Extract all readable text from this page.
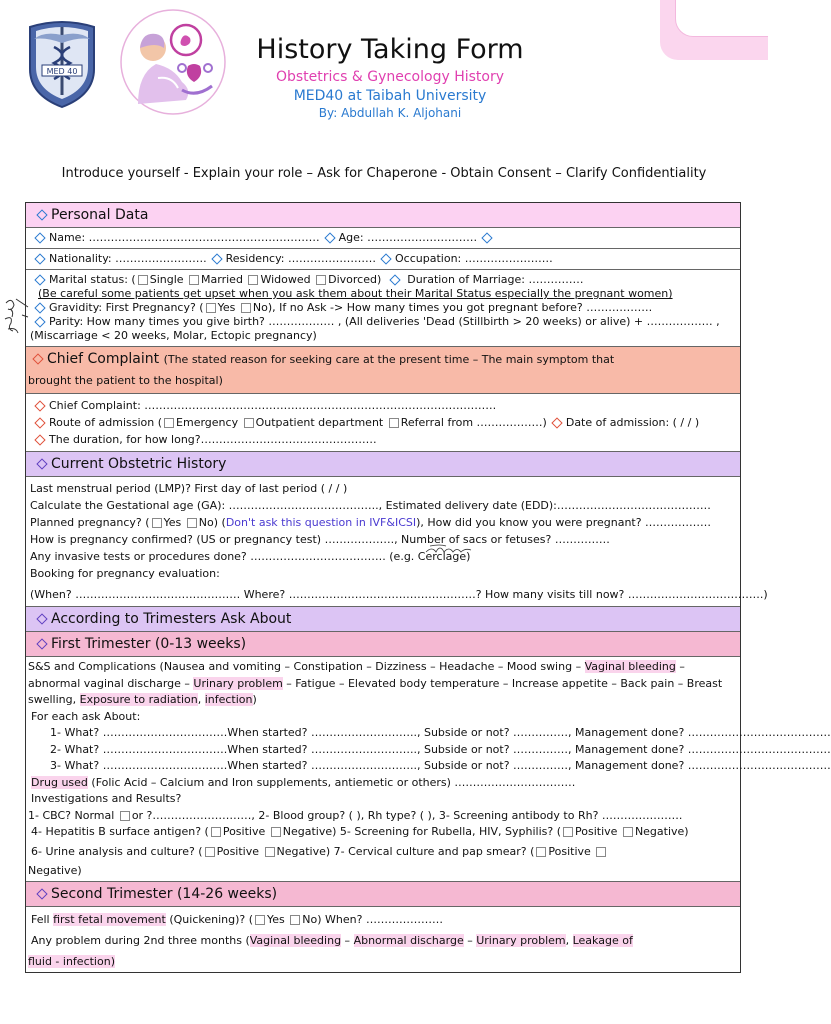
MED 40
History Taking Form
Obstetrics & Gynecology History
MED40 at Taibah University
By: Abdullah K. Aljohani
Introduce yourself - Explain your role – Ask for Chaperone - Obtain Consent – Clarify Confidentiality
Personal Data
Name: ……………………………………………………… Age: …………………………
Nationality: ……………………. Residency: …………………… Occupation: ……………………
Marital status: ( Single Married Widowed Divorced) Duration of Marriage: ……………
(Be careful some patients get upset when you ask them about their Marital Status especially the pregnant women)
Gravidity: First Pregnancy? ( Yes No), If no Ask -> How many times you got pregnant before? ………………
Parity: How many times you give birth? ……………… , (All deliveries 'Dead (Stillbirth > 20 weeks) or alive) + ……………… ,
(Miscarriage < 20 weeks, Molar, Ectopic pregnancy)
Chief Complaint (The stated reason for seeking care at the present time – The main symptom that
brought the patient to the hospital)
Chief Complaint: ……………………………………………………………………………………
Route of admission ( Emergency Outpatient department Referral from ………………) Date of admission: ( / / )
The duration, for how long?…………………………………………
Current Obstetric History
Last menstrual period (LMP)? First day of last period ( / / )
Calculate the Gestational age (GA): ………………………………….., Estimated delivery date (EDD):……………………………………
Planned pregnancy? ( Yes No) (Don't ask this question in IVF&ICSI), How did you know you were pregnant? ………………
How is pregnancy confirmed? (US or pregnancy test) ………………., Number of sacs or fetuses? ……………
Any invasive tests or procedures done? ………………………………. (e.g. Cerclage)
Booking for pregnancy evaluation:
(When? ……………………………………… Where? ……………………………………………? How many visits till now? ……………………………….)
According to Trimesters Ask About
First Trimester (0-13 weeks)
S&S and Complications (Nausea and vomiting – Constipation – Dizziness – Headache – Mood swing – Vaginal bleeding – abnormal vaginal discharge – Urinary problem – Fatigue – Elevated body temperature – Increase appetite – Back pain – Breast swelling, Exposure to radiation, infection)
For each ask About:
1- What? …………………………….When started? ……………………….., Subside or not? ……………, Management done? …………………………………
2- What? …………………………….When started? ……………………….., Subside or not? ……………, Management done? …………………………………
3- What? …………………………….When started? ……………………….., Subside or not? ……………, Management done? …………………………………
Drug used (Folic Acid – Calcium and Iron supplements, antiemetic or others) ……………………………
Investigations and Results?
1- CBC? Normal or ?………………………, 2- Blood group? ( ), Rh type? ( ), 3- Screening antibody to Rh? ………………….
4- Hepatitis B surface antigen? ( Positive Negative) 5- Screening for Rubella, HIV, Syphilis? ( Positive Negative)
6- Urine analysis and culture? ( Positive Negative) 7- Cervical culture and pap smear? ( Positive
Negative)
Second Trimester (14-26 weeks)
Fell first fetal movement (Quickening)? ( Yes No) When? …………………
Any problem during 2nd three months (Vaginal bleeding – Abnormal discharge – Urinary problem, Leakage of
fluid - infection)
